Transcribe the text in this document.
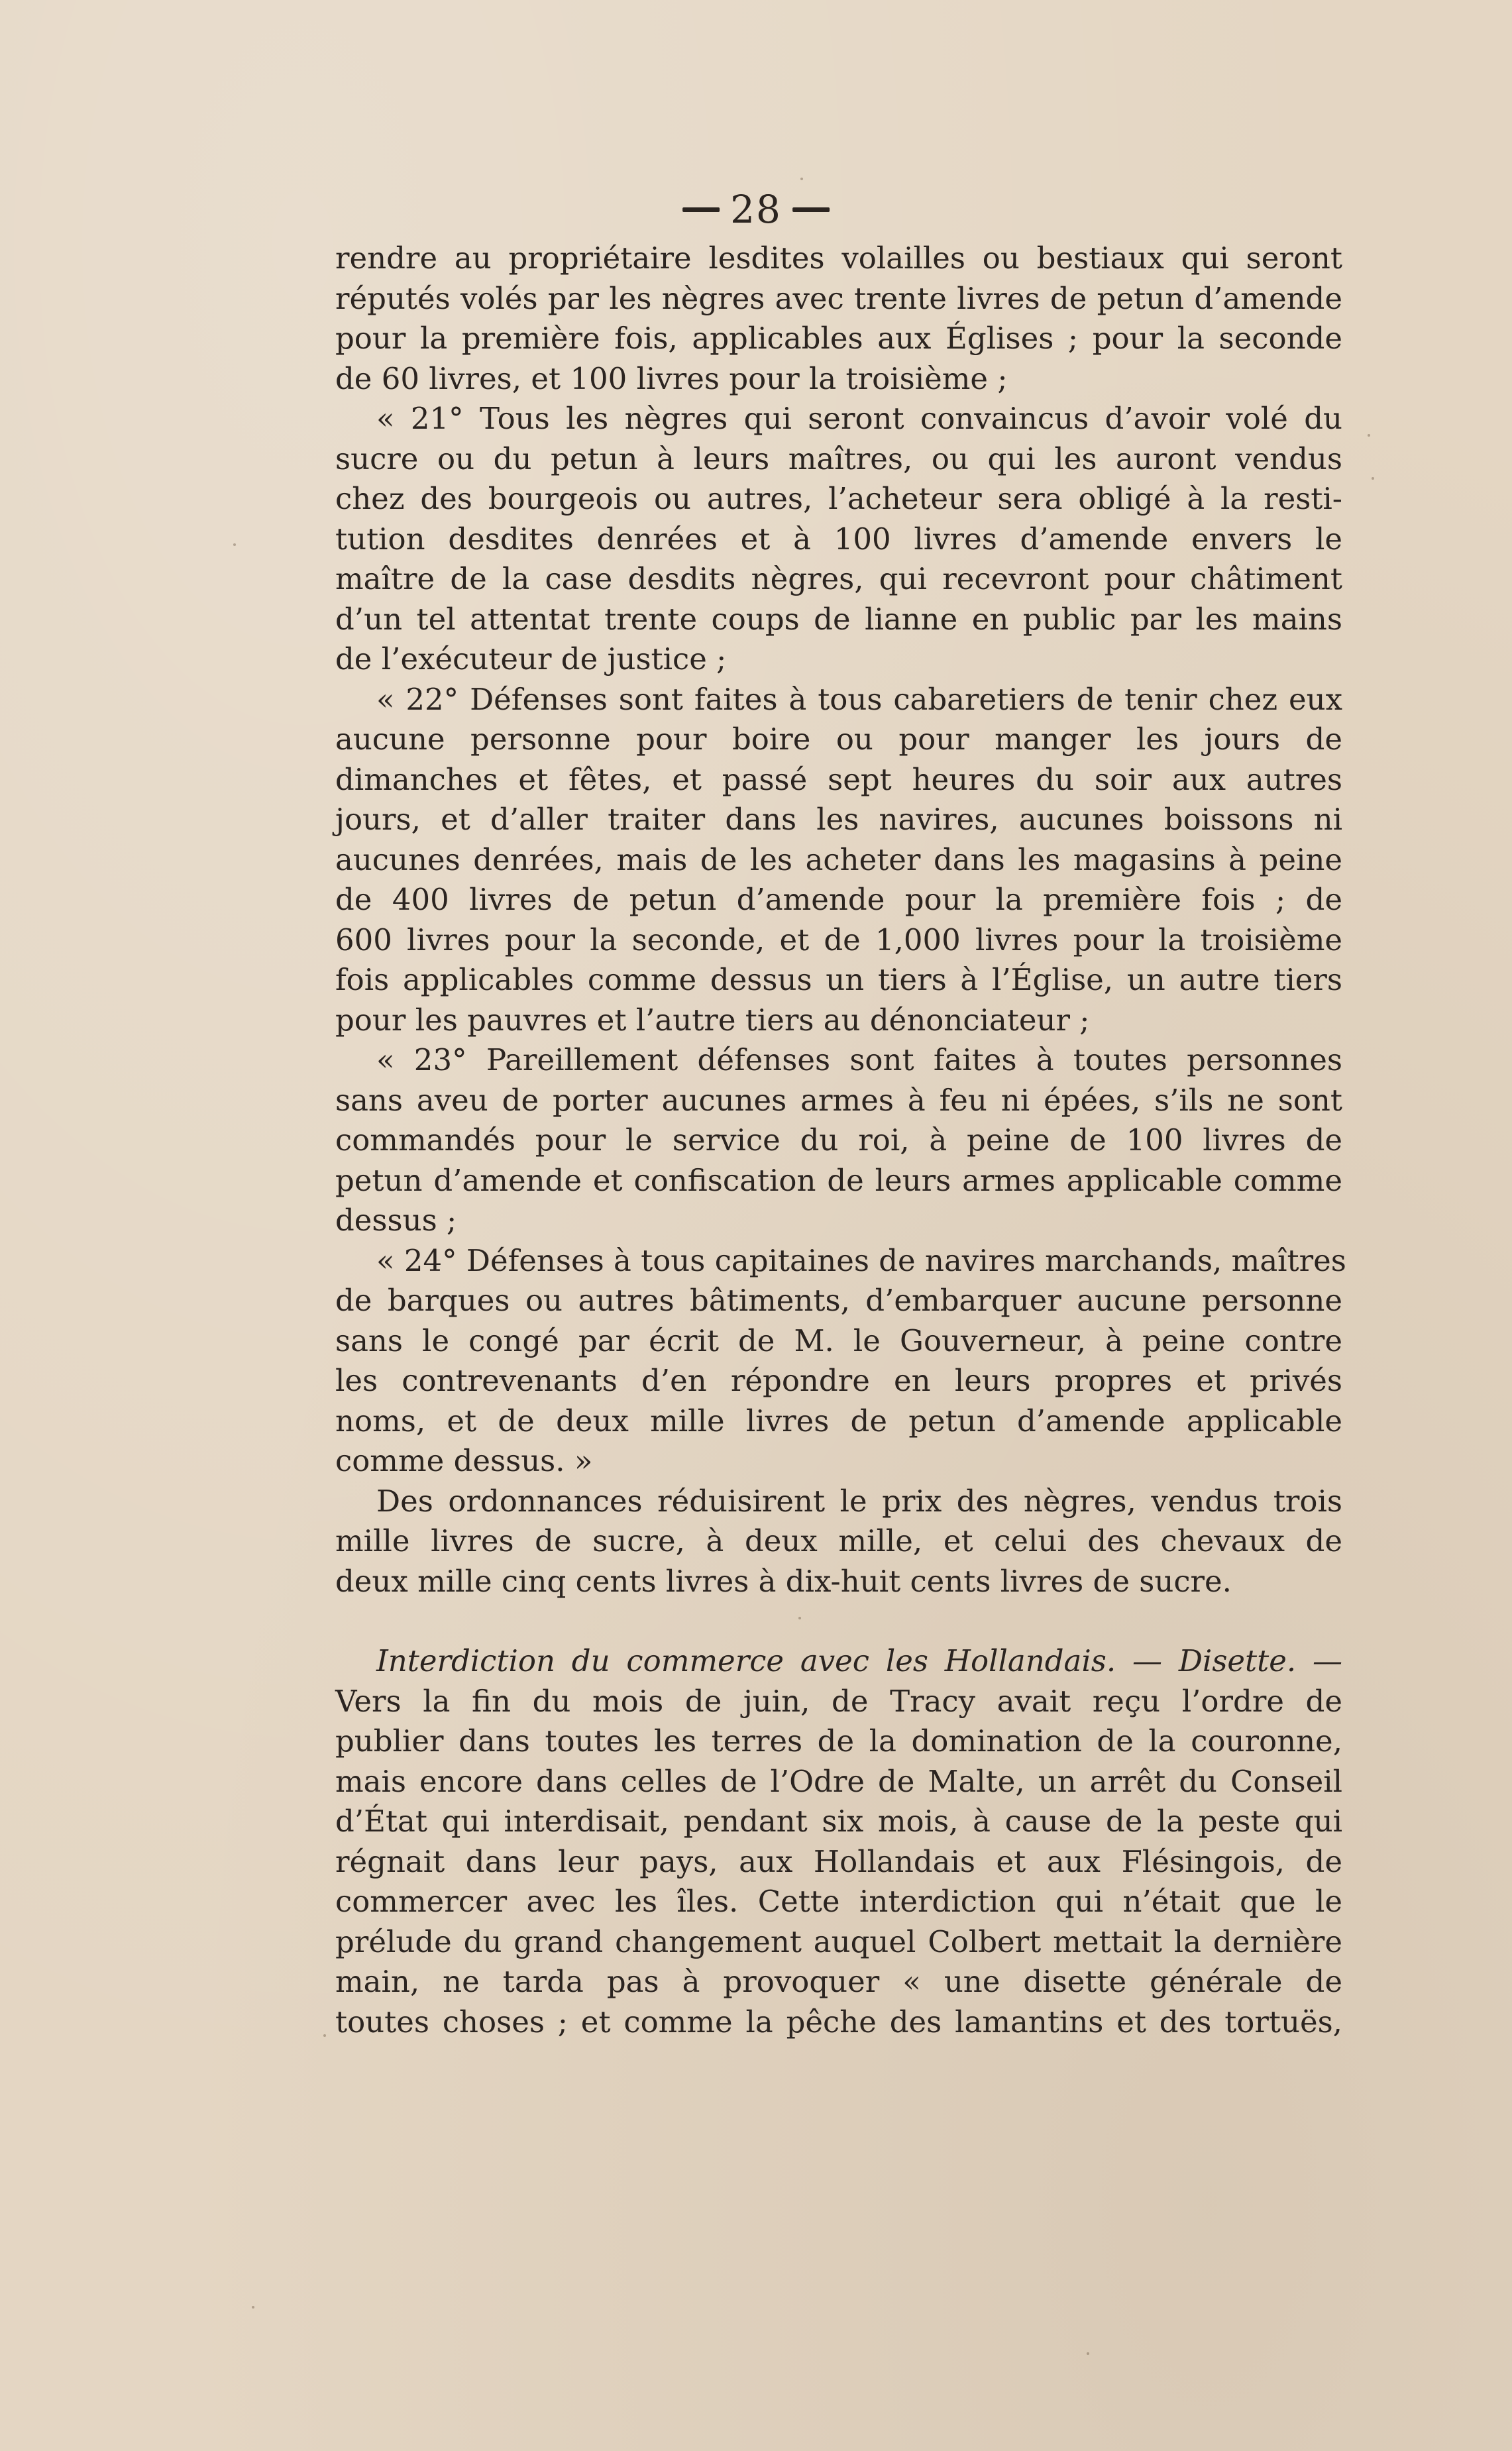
28

rendre au propriétaire lesdites volailles ou bestiaux qui seront
réputés volés par les nègres avec trente livres de petun d’amende
pour la première fois, applicables aux Églises ; pour la seconde
de 60 livres, et 100 livres pour la troisième ;

« 21° Tous les nègres qui seront convaincus d’avoir volé du
sucre ou du petun à leurs maîtres, ou qui les auront vendus
chez des bourgeois ou autres, l’acheteur sera obligé à la resti-
tution desdites denrées et à 100 livres d’amende envers le
maître de la case desdits nègres, qui recevront pour châtiment
d’un tel attentat trente coups de lianne en public par les mains
de l’exécuteur de justice ;

« 22° Défenses sont faites à tous cabaretiers de tenir chez eux
aucune personne pour boire ou pour manger les jours de
dimanches et fêtes, et passé sept heures du soir aux autres
jours, et d’aller traiter dans les navires, aucunes boissons ni
aucunes denrées, mais de les acheter dans les magasins à peine
de 400 livres de petun d’amende pour la première fois ; de
600 livres pour la seconde, et de 1,000 livres pour la troisième
fois applicables comme dessus un tiers à l’Église, un autre tiers
pour les pauvres et l’autre tiers au dénonciateur ;

« 23° Pareillement défenses sont faites à toutes personnes
sans aveu de porter aucunes armes à feu ni épées, s’ils ne sont
commandés pour le service du roi, à peine de 100 livres de
petun d’amende et confiscation de leurs armes applicable comme
dessus ;

« 24° Défenses à tous capitaines de navires marchands, maîtres
de barques ou autres bâtiments, d’embarquer aucune personne
sans le congé par écrit de M. le Gouverneur, à peine contre
les contrevenants d’en répondre en leurs propres et privés
noms, et de deux mille livres de petun d’amende applicable
comme dessus. »

Des ordonnances réduisirent le prix des nègres, vendus trois
mille livres de sucre, à deux mille, et celui des chevaux de
deux mille cinq cents livres à dix-huit cents livres de sucre.

Interdiction du commerce avec les Hollandais. — Disette. —
Vers la fin du mois de juin, de Tracy avait reçu l’ordre de
publier dans toutes les terres de la domination de la couronne,
mais encore dans celles de l’Odre de Malte, un arrêt du Conseil
d’État qui interdisait, pendant six mois, à cause de la peste qui
régnait dans leur pays, aux Hollandais et aux Flésingois, de
commercer avec les îles. Cette interdiction qui n’était que le
prélude du grand changement auquel Colbert mettait la dernière
main, ne tarda pas à provoquer « une disette générale de
toutes choses ; et comme la pêche des lamantins et des tortuës,
